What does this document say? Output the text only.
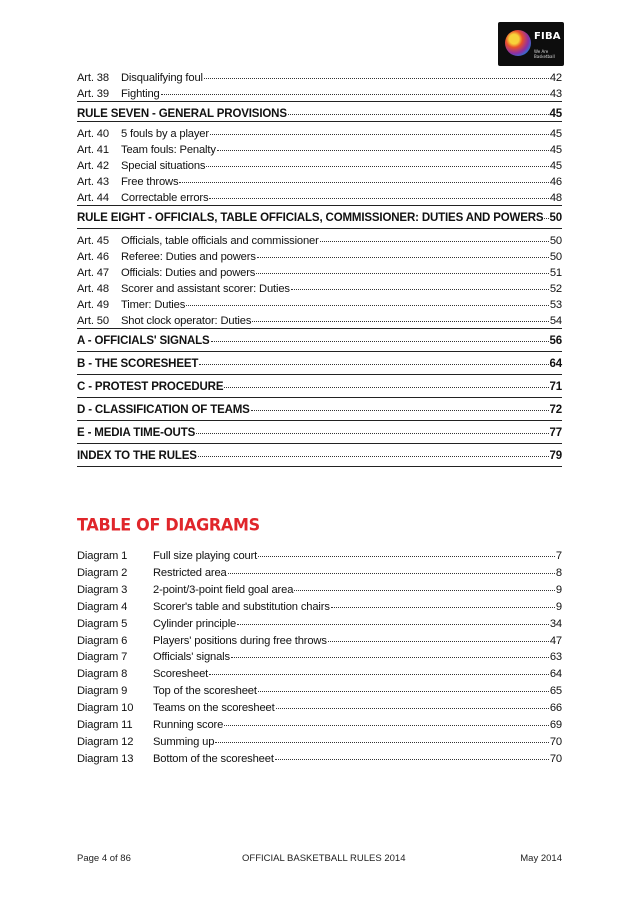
FIBA
We Are Basketball
Art. 38	Disqualifying foul	42
Art. 39	Fighting	43
RULE SEVEN - GENERAL PROVISIONS	45
Art. 40	5 fouls by a player	45
Art. 41	Team fouls: Penalty	45
Art. 42	Special situations	45
Art. 43	Free throws	46
Art. 44	Correctable errors	48
RULE EIGHT - OFFICIALS, TABLE OFFICIALS, COMMISSIONER: DUTIES AND POWERS 50
Art. 45	Officials, table officials and commissioner	50
Art. 46	Referee: Duties and powers	50
Art. 47	Officials: Duties and powers	51
Art. 48	Scorer and assistant scorer: Duties	52
Art. 49	Timer: Duties	53
Art. 50	Shot clock operator: Duties	54
A - OFFICIALS' SIGNALS	56
B - THE SCORESHEET	64
C - PROTEST PROCEDURE	71
D - CLASSIFICATION OF TEAMS	72
E - MEDIA TIME-OUTS	77
INDEX TO THE RULES	79
TABLE OF DIAGRAMS
Diagram 1	Full size playing court	7
Diagram 2	Restricted area	8
Diagram 3	2-point/3-point field goal area	9
Diagram 4	Scorer's table and substitution chairs	9
Diagram 5	Cylinder principle	34
Diagram 6	Players' positions during free throws	47
Diagram 7	Officials' signals	63
Diagram 8	Scoresheet	64
Diagram 9	Top of the scoresheet	65
Diagram 10	Teams on the scoresheet	66
Diagram 11	Running score	69
Diagram 12	Summing up	70
Diagram 13	Bottom of the scoresheet	70
Page 4 of 86	OFFICIAL BASKETBALL RULES 2014	May 2014
